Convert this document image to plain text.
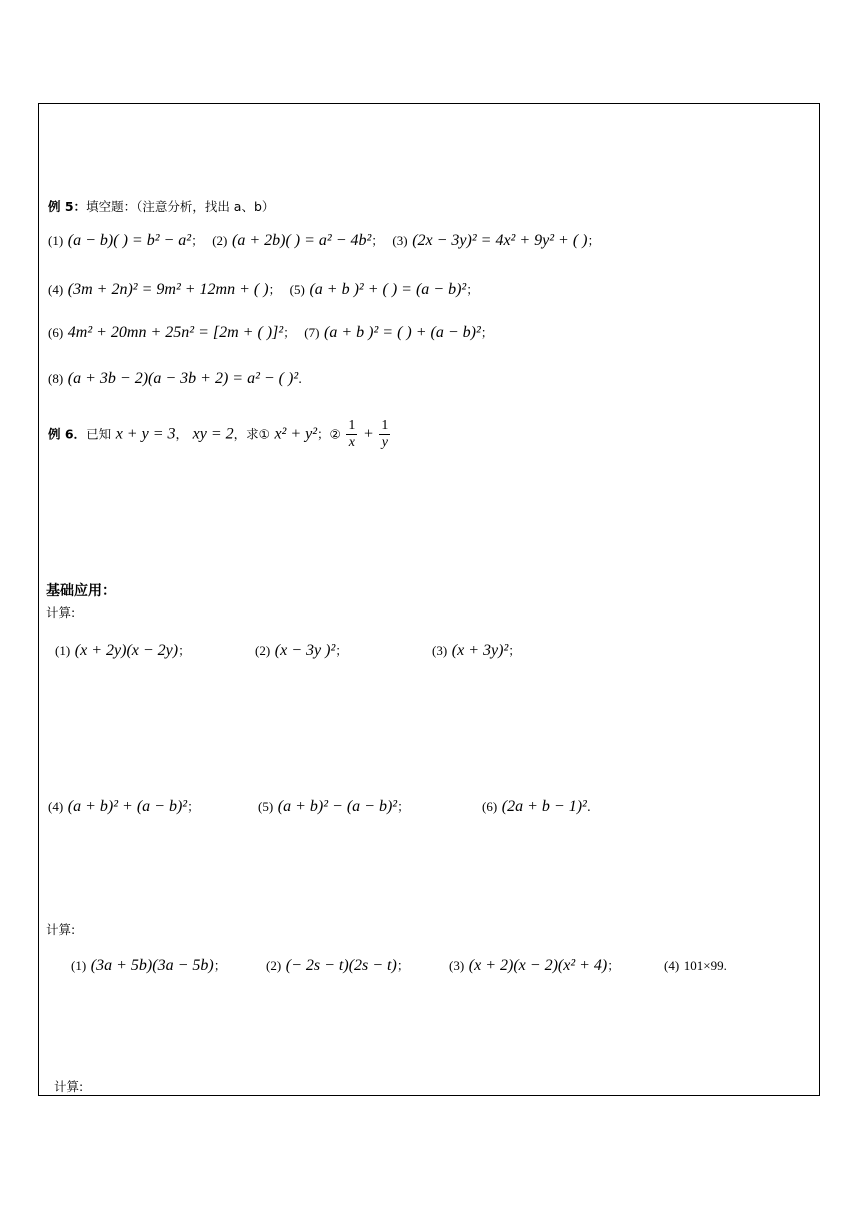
例 5：填空题：（注意分析，找出 a、b）
(1) (a − b)( ) = b² − a²； (2) (a + 2b)( ) = a² − 4b²； (3) (2x − 3y)² = 4x² + 9y² + ( )；
(4) (3m + 2n)² = 9m² + 12mn + ( )； (5) (a + b )² + ( ) = (a − b)²；
(6) 4m² + 20mn + 25n² = [2m + ( )]²； (7) (a + b )² = ( ) + (a − b)²；
(8) (a + 3b − 2)(a − 3b + 2) = a² − ( )².
例 6．已知 x + y = 3， xy = 2，求① x² + y²；② $\frac{1}{x} + \frac{1}{y}$
基础应用：
计算:
(1) (x + 2y)(x − 2y)；	(2) (x − 3y )²；	(3) (x + 3y)²；
(4) (a + b)² + (a − b)²；	(5) (a + b)² − (a − b)²；	(6) (2a + b − 1)².
计算:
(1) (3a + 5b)(3a − 5b)；	(2) (− 2s − t)(2s − t)；	(3) (x + 2)(x − 2)(x² + 4)；	(4) 101×99.
计算:
